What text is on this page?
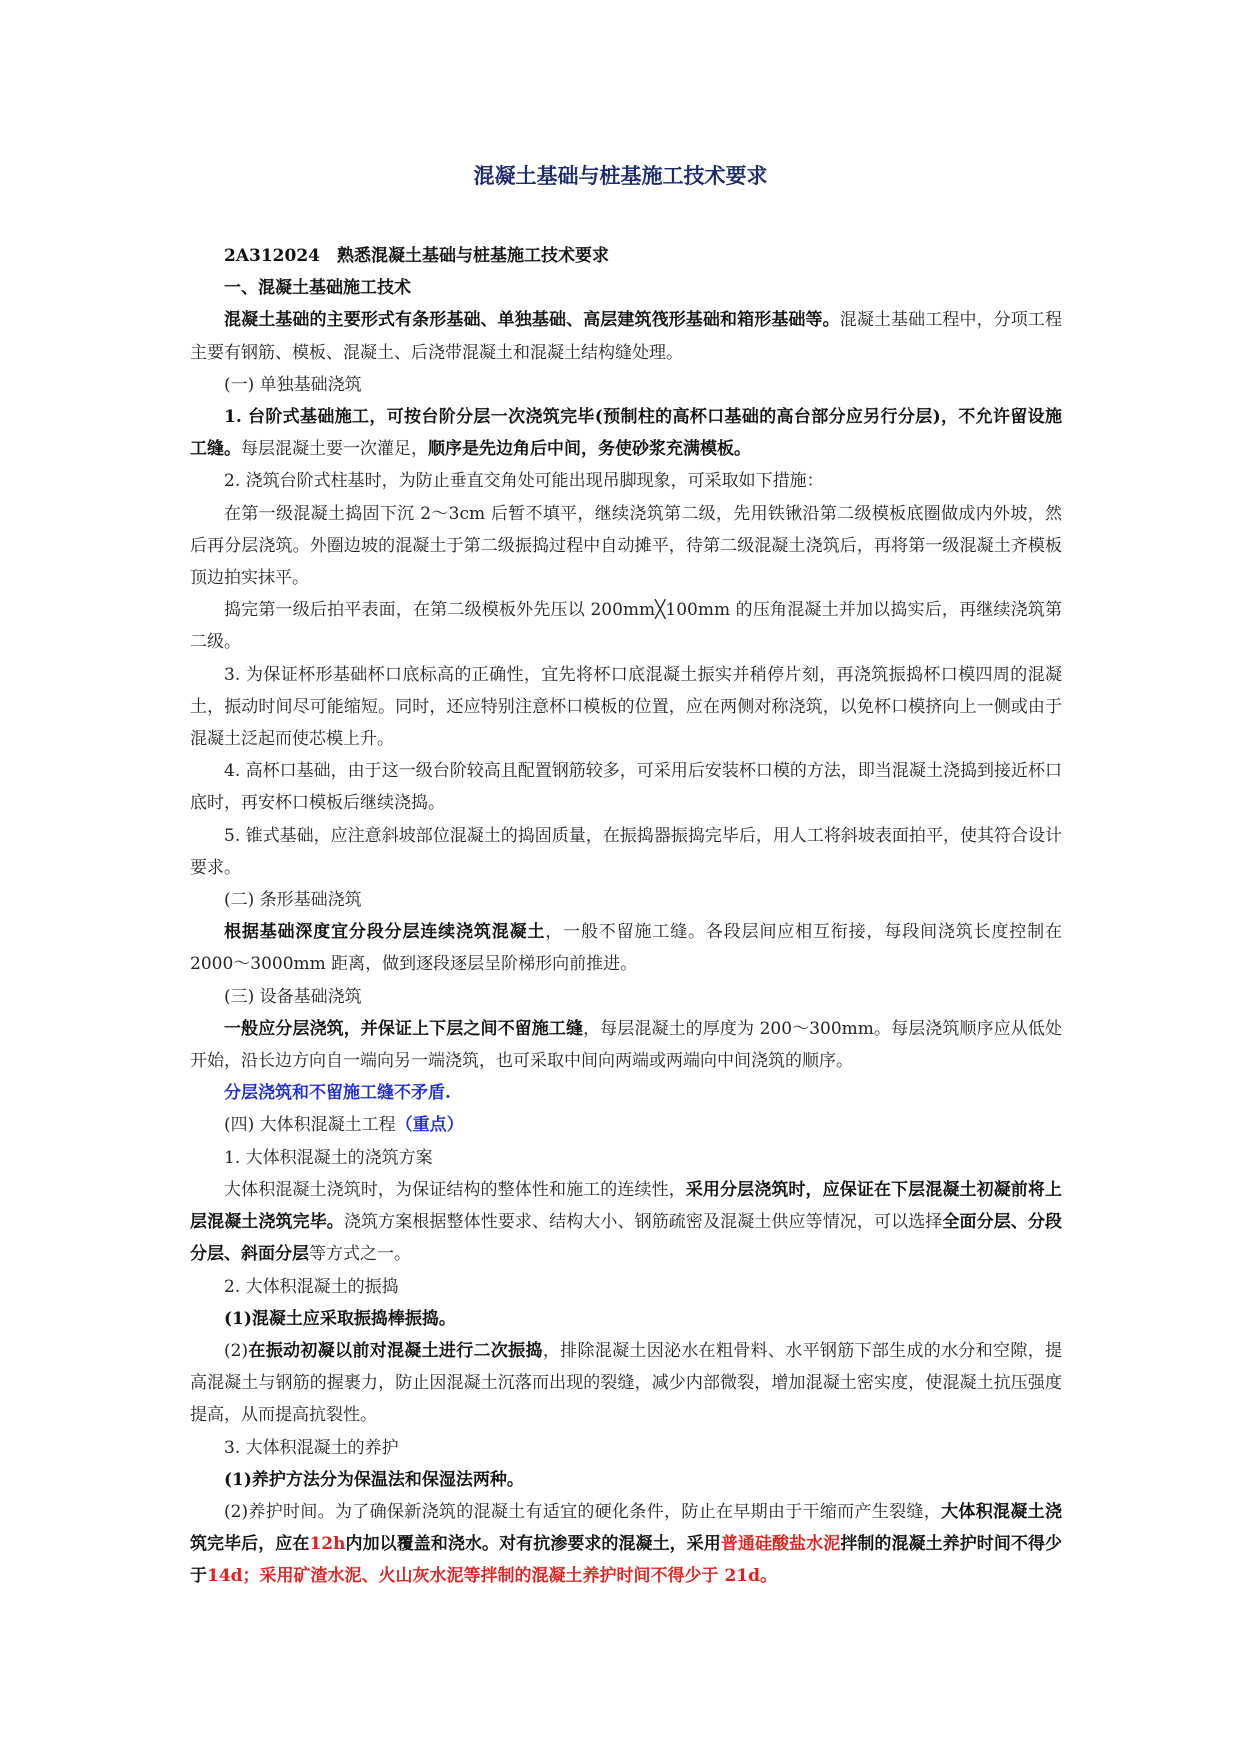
混凝土基础与桩基施工技术要求

2A312024　熟悉混凝土基础与桩基施工技术要求

一、混凝土基础施工技术

混凝土基础的主要形式有条形基础、单独基础、高层建筑筏形基础和箱形基础等。混凝土基础工程中，分项工程主要有钢筋、模板、混凝土、后浇带混凝土和混凝土结构缝处理。

(一) 单独基础浇筑

1. 台阶式基础施工，可按台阶分层一次浇筑完毕(预制柱的高杯口基础的高台部分应另行分层)，不允许留设施工缝。每层混凝土要一次灌足，顺序是先边角后中间，务使砂浆充满模板。

2. 浇筑台阶式柱基时，为防止垂直交角处可能出现吊脚现象，可采取如下措施：

在第一级混凝土捣固下沉 2～3cm 后暂不填平，继续浇筑第二级，先用铁锹沿第二级模板底圈做成内外坡，然后再分层浇筑。外圈边坡的混凝土于第二级振捣过程中自动摊平，待第二级混凝土浇筑后，再将第一级混凝土齐模板顶边拍实抹平。

捣完第一级后拍平表面，在第二级模板外先压以 200mm╳100mm 的压角混凝土并加以捣实后，再继续浇筑第二级。

3. 为保证杯形基础杯口底标高的正确性，宜先将杯口底混凝土振实并稍停片刻，再浇筑振捣杯口模四周的混凝土，振动时间尽可能缩短。同时，还应特别注意杯口模板的位置，应在两侧对称浇筑，以免杯口模挤向上一侧或由于混凝土泛起而使芯模上升。

4. 高杯口基础，由于这一级台阶较高且配置钢筋较多，可采用后安装杯口模的方法，即当混凝土浇捣到接近杯口底时，再安杯口模板后继续浇捣。

5. 锥式基础，应注意斜坡部位混凝土的捣固质量，在振捣器振捣完毕后，用人工将斜坡表面拍平，使其符合设计要求。

(二) 条形基础浇筑

根据基础深度宜分段分层连续浇筑混凝土，一般不留施工缝。各段层间应相互衔接，每段间浇筑长度控制在 2000～3000mm 距离，做到逐段逐层呈阶梯形向前推进。

(三) 设备基础浇筑

一般应分层浇筑，并保证上下层之间不留施工缝，每层混凝土的厚度为 200～300mm。每层浇筑顺序应从低处开始，沿长边方向自一端向另一端浇筑，也可采取中间向两端或两端向中间浇筑的顺序。

分层浇筑和不留施工缝不矛盾.

(四) 大体积混凝土工程（重点）

1. 大体积混凝土的浇筑方案

大体积混凝土浇筑时，为保证结构的整体性和施工的连续性，采用分层浇筑时，应保证在下层混凝土初凝前将上层混凝土浇筑完毕。浇筑方案根据整体性要求、结构大小、钢筋疏密及混凝土供应等情况，可以选择全面分层、分段分层、斜面分层等方式之一。

2. 大体积混凝土的振捣

(1)混凝土应采取振捣棒振捣。

(2)在振动初凝以前对混凝土进行二次振捣，排除混凝土因泌水在粗骨料、水平钢筋下部生成的水分和空隙，提高混凝土与钢筋的握裹力，防止因混凝土沉落而出现的裂缝，减少内部微裂，增加混凝土密实度，使混凝土抗压强度提高，从而提高抗裂性。

3. 大体积混凝土的养护

(1)养护方法分为保温法和保湿法两种。

(2)养护时间。为了确保新浇筑的混凝土有适宜的硬化条件，防止在早期由于干缩而产生裂缝，大体积混凝土浇筑完毕后，应在12h内加以覆盖和浇水。对有抗渗要求的混凝土，采用普通硅酸盐水泥拌制的混凝土养护时间不得少于14d；采用矿渣水泥、火山灰水泥等拌制的混凝土养护时间不得少于 21d。
